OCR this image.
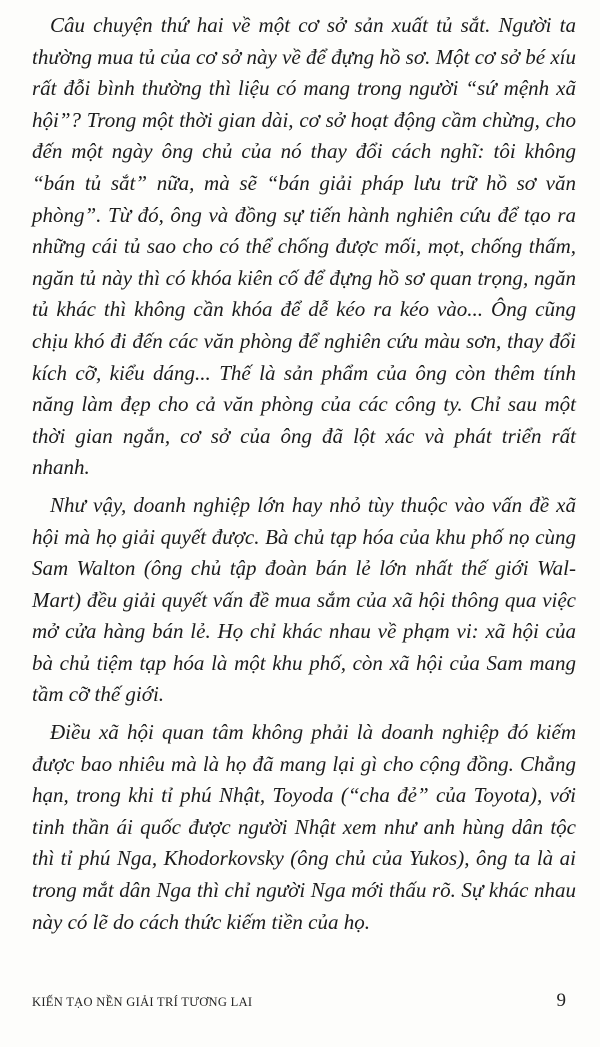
Câu chuyện thứ hai về một cơ sở sản xuất tủ sắt. Người ta thường mua tủ của cơ sở này về để đựng hồ sơ. Một cơ sở bé xíu rất đỗi bình thường thì liệu có mang trong người “sứ mệnh xã hội”? Trong một thời gian dài, cơ sở hoạt động cầm chừng, cho đến một ngày ông chủ của nó thay đổi cách nghĩ: tôi không “bán tủ sắt” nữa, mà sẽ “bán giải pháp lưu trữ hồ sơ văn phòng”. Từ đó, ông và đồng sự tiến hành nghiên cứu để tạo ra những cái tủ sao cho có thể chống được mối, mọt, chống thấm, ngăn tủ này thì có khóa kiên cố để đựng hồ sơ quan trọng, ngăn tủ khác thì không cần khóa để dễ kéo ra kéo vào... Ông cũng chịu khó đi đến các văn phòng để nghiên cứu màu sơn, thay đổi kích cỡ, kiểu dáng... Thế là sản phẩm của ông còn thêm tính năng làm đẹp cho cả văn phòng của các công ty. Chỉ sau một thời gian ngắn, cơ sở của ông đã lột xác và phát triển rất nhanh.

Như vậy, doanh nghiệp lớn hay nhỏ tùy thuộc vào vấn đề xã hội mà họ giải quyết được. Bà chủ tạp hóa của khu phố nọ cùng Sam Walton (ông chủ tập đoàn bán lẻ lớn nhất thế giới Wal-Mart) đều giải quyết vấn đề mua sắm của xã hội thông qua việc mở cửa hàng bán lẻ. Họ chỉ khác nhau về phạm vi: xã hội của bà chủ tiệm tạp hóa là một khu phố, còn xã hội của Sam mang tầm cỡ thế giới.

Điều xã hội quan tâm không phải là doanh nghiệp đó kiếm được bao nhiêu mà là họ đã mang lại gì cho cộng đồng. Chẳng hạn, trong khi tỉ phú Nhật, Toyoda (“cha đẻ” của Toyota), với tinh thần ái quốc được người Nhật xem như anh hùng dân tộc thì tỉ phú Nga, Khodorkovsky (ông chủ của Yukos), ông ta là ai trong mắt dân Nga thì chỉ người Nga mới thấu rõ. Sự khác nhau này có lẽ do cách thức kiếm tiền của họ.

KIẾN TẠO NỀN GIẢI TRÍ TƯƠNG LAI	9
